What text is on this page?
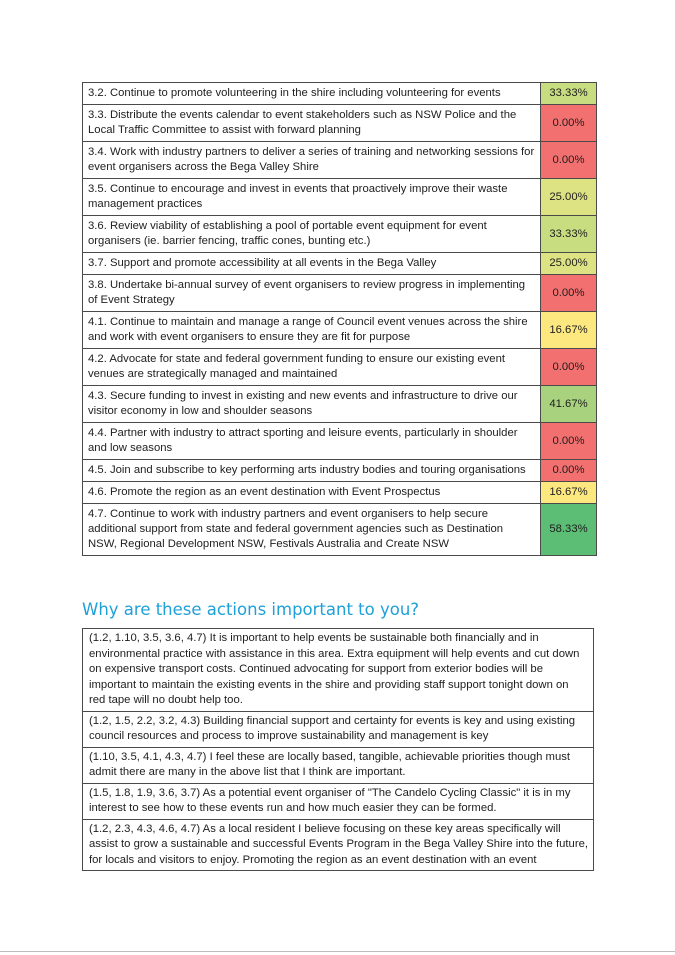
3.2. Continue to promote volunteering in the shire including volunteering for events	33.33%
3.3. Distribute the events calendar to event stakeholders such as NSW Police and the Local Traffic Committee to assist with forward planning	0.00%
3.4. Work with industry partners to deliver a series of training and networking sessions for event organisers across the Bega Valley Shire	0.00%
3.5. Continue to encourage and invest in events that proactively improve their waste management practices	25.00%
3.6. Review viability of establishing a pool of portable event equipment for event organisers (ie. barrier fencing, traffic cones, bunting etc.)	33.33%
3.7. Support and promote accessibility at all events in the Bega Valley	25.00%
3.8. Undertake bi-annual survey of event organisers to review progress in implementing of Event Strategy	0.00%
4.1. Continue to maintain and manage a range of Council event venues across the shire and work with event organisers to ensure they are fit for purpose	16.67%
4.2. Advocate for state and federal government funding to ensure our existing event venues are strategically managed and maintained	0.00%
4.3. Secure funding to invest in existing and new events and infrastructure to drive our visitor economy in low and shoulder seasons	41.67%
4.4. Partner with industry to attract sporting and leisure events, particularly in shoulder and low seasons	0.00%
4.5. Join and subscribe to key performing arts industry bodies and touring organisations	0.00%
4.6. Promote the region as an event destination with Event Prospectus	16.67%
4.7. Continue to work with industry partners and event organisers to help secure additional support from state and federal government agencies such as Destination NSW, Regional Development NSW, Festivals Australia and Create NSW	58.33%
Why are these actions important to you?
(1.2, 1.10, 3.5, 3.6, 4.7) It is important to help events be sustainable both financially and in environmental practice with assistance in this area. Extra equipment will help events and cut down on expensive transport costs. Continued advocating for support from exterior bodies will be important to maintain the existing events in the shire and providing staff support tonight down on red tape will no doubt help too.
(1.2, 1.5, 2.2, 3.2, 4.3) Building financial support and certainty for events is key and using existing council resources and process to improve sustainability and management is key
(1.10, 3.5, 4.1, 4.3, 4.7) I feel these are locally based, tangible, achievable priorities though must admit there are many in the above list that I think are important.
(1.5, 1.8, 1.9, 3.6, 3.7) As a potential event organiser of "The Candelo Cycling Classic" it is in my interest to see how to these events run and how much easier they can be formed.

(1.2, 2.3, 4.3, 4.6, 4.7) As a local resident I believe focusing on these key areas specifically will assist to grow a sustainable and successful Events Program in the Bega Valley Shire into the future, for locals and visitors to enjoy. Promoting the region as an event destination with an event
